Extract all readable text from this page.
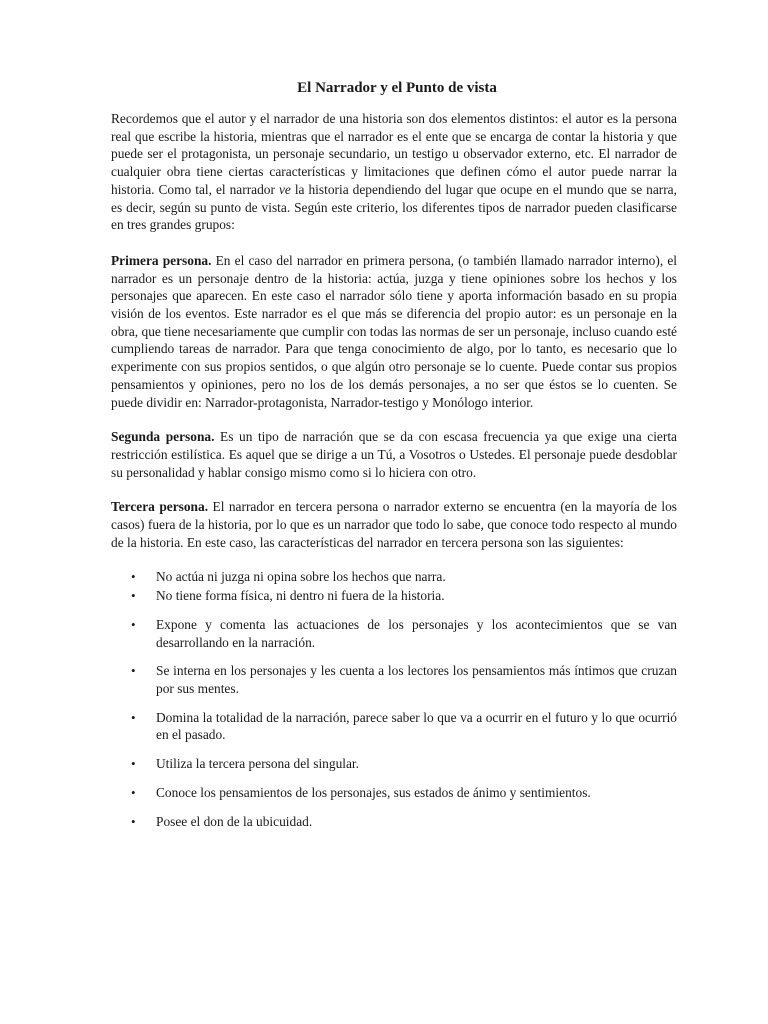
El Narrador y el Punto de vista

Recordemos que el autor y el narrador de una historia son dos elementos distintos: el autor es la persona real que escribe la historia, mientras que el narrador es el ente que se encarga de contar la historia y que puede ser el protagonista, un personaje secundario, un testigo u observador externo, etc. El narrador de cualquier obra tiene ciertas características y limitaciones que definen cómo el autor puede narrar la historia. Como tal, el narrador ve la historia dependiendo del lugar que ocupe en el mundo que se narra, es decir, según su punto de vista. Según este criterio, los diferentes tipos de narrador pueden clasificarse en tres grandes grupos:

Primera persona. En el caso del narrador en primera persona, (o también llamado narrador interno), el narrador es un personaje dentro de la historia: actúa, juzga y tiene opiniones sobre los hechos y los personajes que aparecen. En este caso el narrador sólo tiene y aporta información basado en su propia visión de los eventos. Este narrador es el que más se diferencia del propio autor: es un personaje en la obra, que tiene necesariamente que cumplir con todas las normas de ser un personaje, incluso cuando esté cumpliendo tareas de narrador. Para que tenga conocimiento de algo, por lo tanto, es necesario que lo experimente con sus propios sentidos, o que algún otro personaje se lo cuente. Puede contar sus propios pensamientos y opiniones, pero no los de los demás personajes, a no ser que éstos se lo cuenten. Se puede dividir en: Narrador-protagonista, Narrador-testigo y Monólogo interior.

Segunda persona. Es un tipo de narración que se da con escasa frecuencia ya que exige una cierta restricción estilística. Es aquel que se dirige a un Tú, a Vosotros o Ustedes. El personaje puede desdoblar su personalidad y hablar consigo mismo como si lo hiciera con otro.

Tercera persona. El narrador en tercera persona o narrador externo se encuentra (en la mayoría de los casos) fuera de la historia, por lo que es un narrador que todo lo sabe, que conoce todo respecto al mundo de la historia. En este caso, las características del narrador en tercera persona son las siguientes:

• No actúa ni juzga ni opina sobre los hechos que narra.
• No tiene forma física, ni dentro ni fuera de la historia.
• Expone y comenta las actuaciones de los personajes y los acontecimientos que se van desarrollando en la narración.
• Se interna en los personajes y les cuenta a los lectores los pensamientos más íntimos que cruzan por sus mentes.
• Domina la totalidad de la narración, parece saber lo que va a ocurrir en el futuro y lo que ocurrió en el pasado.
• Utiliza la tercera persona del singular.
• Conoce los pensamientos de los personajes, sus estados de ánimo y sentimientos.
• Posee el don de la ubicuidad.
